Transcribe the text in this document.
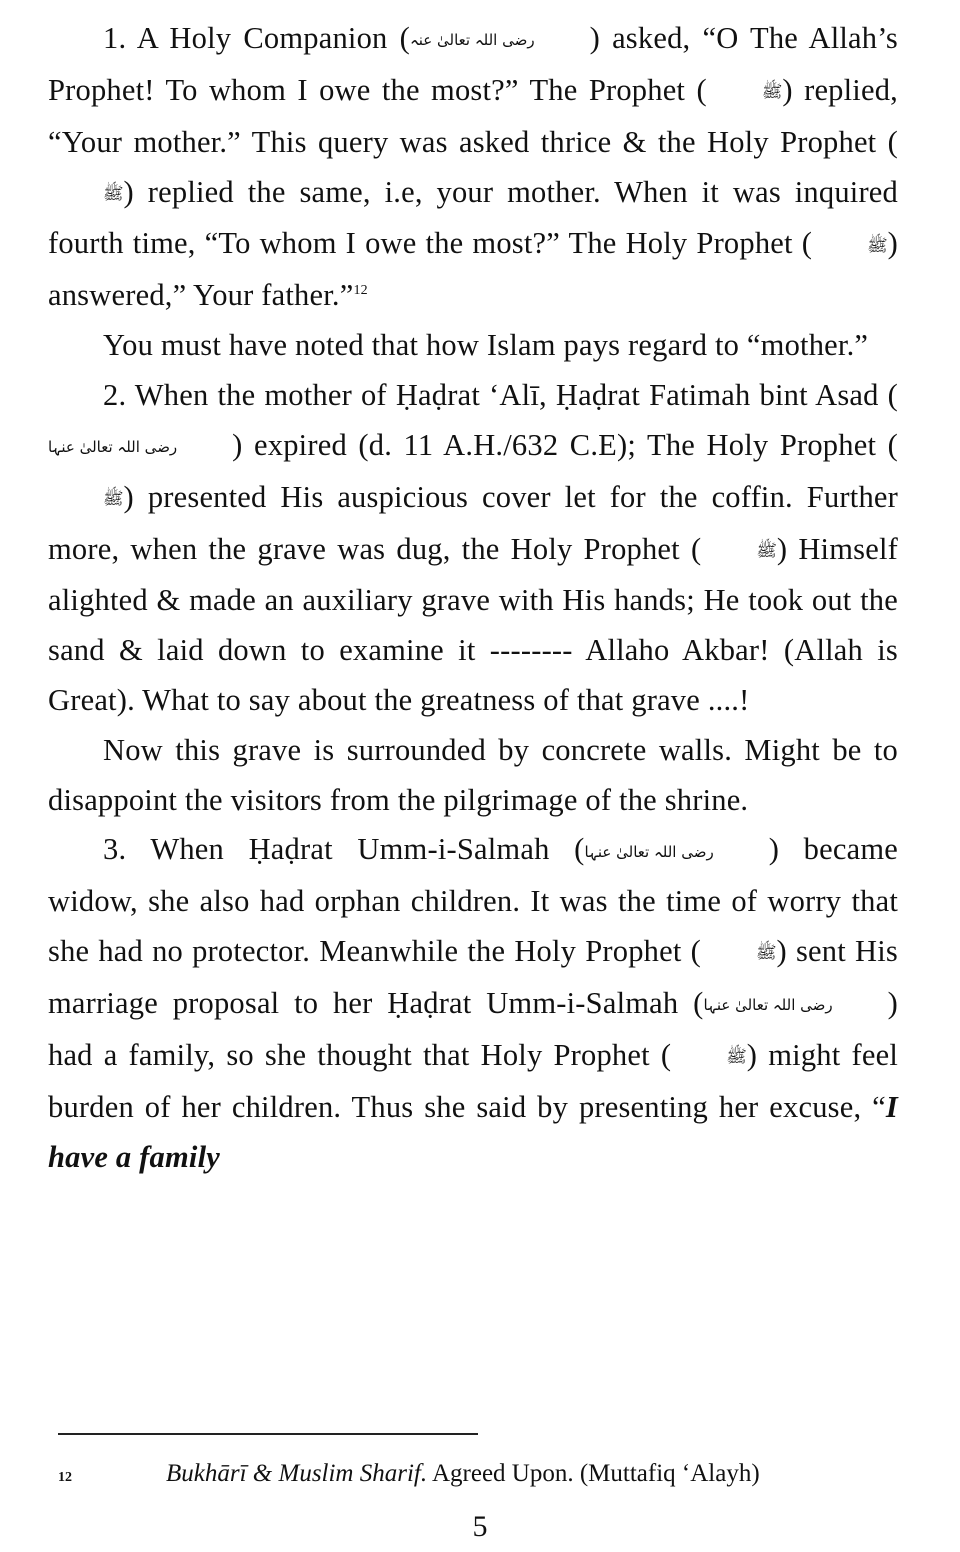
1. A Holy Companion (رضی اللہ تعالیٰ عنہ ) asked, “O The Allah’s Prophet! To whom I owe the most?” The Prophet (	ﷺ) replied, “Your mother.” This query was asked thrice & the Holy Prophet (ﷺ) replied the same, i.e, your mother. When it was inquired fourth time, “To whom I owe the most?” The Holy Prophet (	ﷺ) answered,” Your father.”$^{12}$

You must have noted that how Islam pays regard to “mother.”

2. When the mother of Ḥaḍrat ‘Alī, Ḥaḍrat Fatimah bint Asad (رضی اللہ تعالیٰ عنہا ) expired (d. 11 A.H./632 C.E); The Holy Prophet (ﷺ) presented His auspicious cover let for the coffin. Further more, when the grave was dug, the Holy Prophet (	ﷺ) Himself alighted & made an auxiliary grave with His hands; He took out the sand & laid down to examine it -------- Allaho Akbar! (Allah is Great). What to say about the greatness of that grave ....!

Now this grave is surrounded by concrete walls. Might be to disappoint the visitors from the pilgrimage of the shrine.

3. When Ḥaḍrat Umm-i-Salmah (رضی اللہ تعالیٰ عنہا ) became widow, she also had orphan children. It was the time of worry that she had no protector. Meanwhile the Holy Prophet (	ﷺ) sent His marriage proposal to her Ḥaḍrat Umm-i-Salmah (رضی اللہ تعالیٰ عنہا ) had a family, so she thought that Holy Prophet (	ﷺ) might feel burden of her children. Thus she said by presenting her excuse, “I have a family

12	Bukhārī & Muslim Sharif. Agreed Upon. (Muttafiq ‘Alayh)
5
